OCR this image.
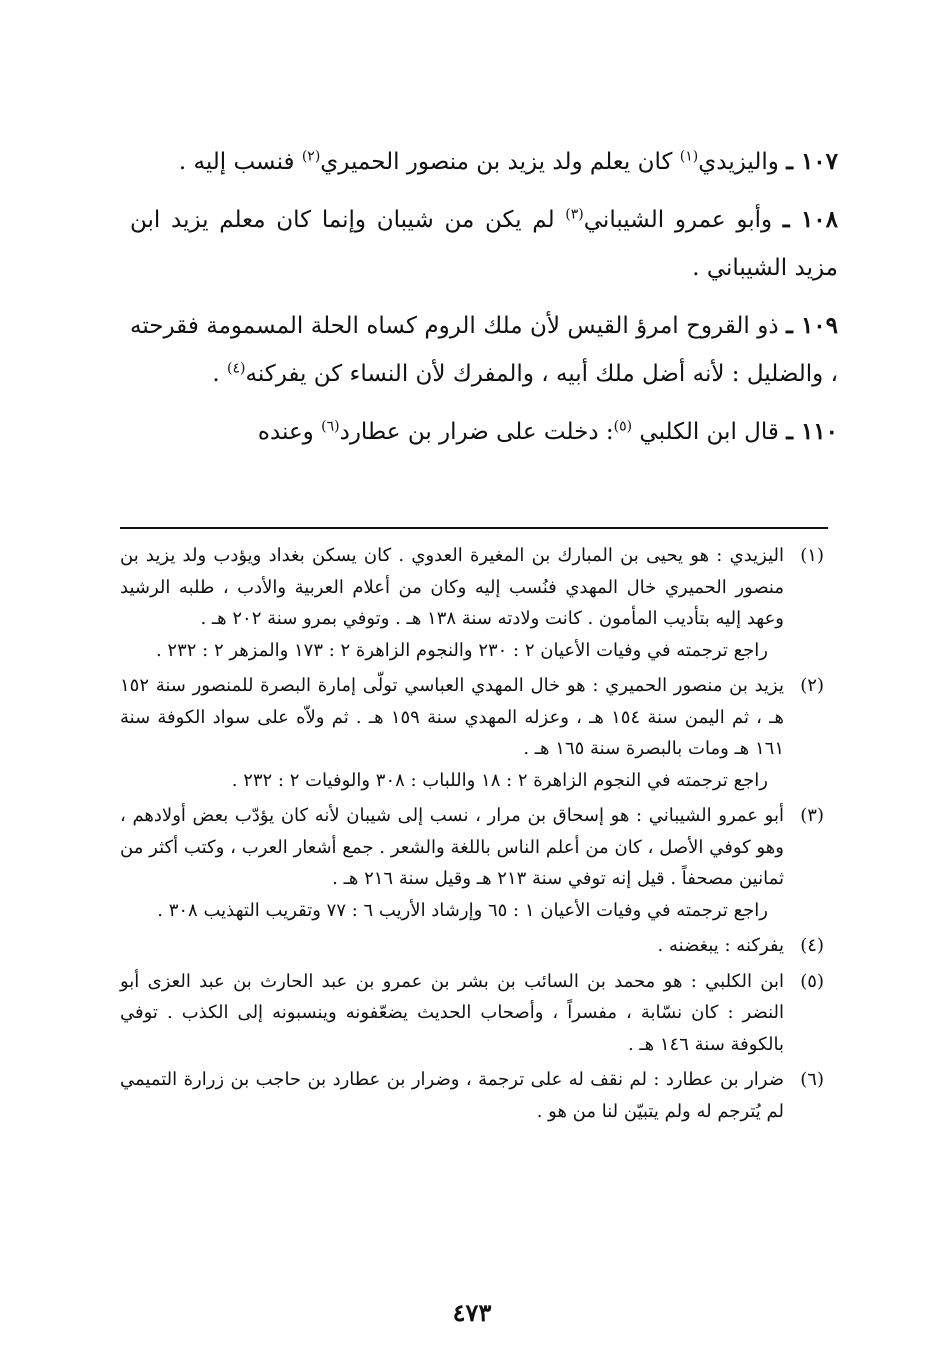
١٠٧ ـ واليزيدي$^{(١)}$ كان يعلم ولد يزيد بن منصور الحميري$^{(٢)}$ فنسب إليه .

١٠٨ ـ وأبو عمرو الشيباني$^{(٣)}$ لم يكن من شيبان وإنما كان معلم يزيد ابن مزيد الشيباني .

١٠٩ ـ ذو القروح امرؤ القيس لأن ملك الروم كساه الحلة المسمومة فقرحته ، والضليل : لأنه أضل ملك أبيه ، والمفرك لأن النساء كن يفركنه$^{(٤)}$ .

١١٠ ـ قال ابن الكلبي $^{(٥)}$: دخلت على ضرار بن عطارد$^{(٦)}$ وعنده

(١)

اليزيدي : هو يحيى بن المبارك بن المغيرة العدوي . كان يسكن بغداد ويؤدب ولد يزيد بن منصور الحميري خال المهدي فنُسب إليه وكان من أعلام العربية والأدب ، طلبه الرشيد وعهد إليه بتأديب المأمون . كانت ولادته سنة ١٣٨ هـ . وتوفي بمرو سنة ٢٠٢ هـ .

راجع ترجمته في وفيات الأعيان ٢ : ٢٣٠ والنجوم الزاهرة ٢ : ١٧٣ والمزهر ٢ : ٢٣٢ .

(٢)

يزيد بن منصور الحميري : هو خال المهدي العباسي تولّى إمارة البصرة للمنصور سنة ١٥٢ هـ ، ثم اليمن سنة ١٥٤ هـ ، وعزله المهدي سنة ١٥٩ هـ . ثم ولاّه على سواد الكوفة سنة ١٦١ هـ ومات بالبصرة سنة ١٦٥ هـ .

راجع ترجمته في النجوم الزاهرة ٢ : ١٨ واللباب : ٣٠٨ والوفيات ٢ : ٢٣٢ .

(٣)

أبو عمرو الشيباني : هو إسحاق بن مرار ، نسب إلى شيبان لأنه كان يؤدّب بعض أولادهم ، وهو كوفي الأصل ، كان من أعلم الناس باللغة والشعر . جمع أشعار العرب ، وكتب أكثر من ثمانين مصحفاً . قيل إنه توفي سنة ٢١٣ هـ وقيل سنة ٢١٦ هـ .

راجع ترجمته في وفيات الأعيان ١ : ٦٥ وإرشاد الأريب ٦ : ٧٧ وتقريب التهذيب ٣٠٨ .

(٤)

يفركنه : يبغضنه .

(٥)

ابن الكلبي : هو محمد بن السائب بن بشر بن عمرو بن عبد الحارث بن عبد العزى أبو النضر : كان نسّابة ، مفسراً ، وأصحاب الحديث يضعّفونه وينسبونه إلى الكذب . توفي بالكوفة سنة ١٤٦ هـ .

(٦)

ضرار بن عطارد : لم نقف له على ترجمة ، وضرار بن عطارد بن حاجب بن زرارة التميمي لم يُترجم له ولم يتبيّن لنا من هو .

٤٧٣
